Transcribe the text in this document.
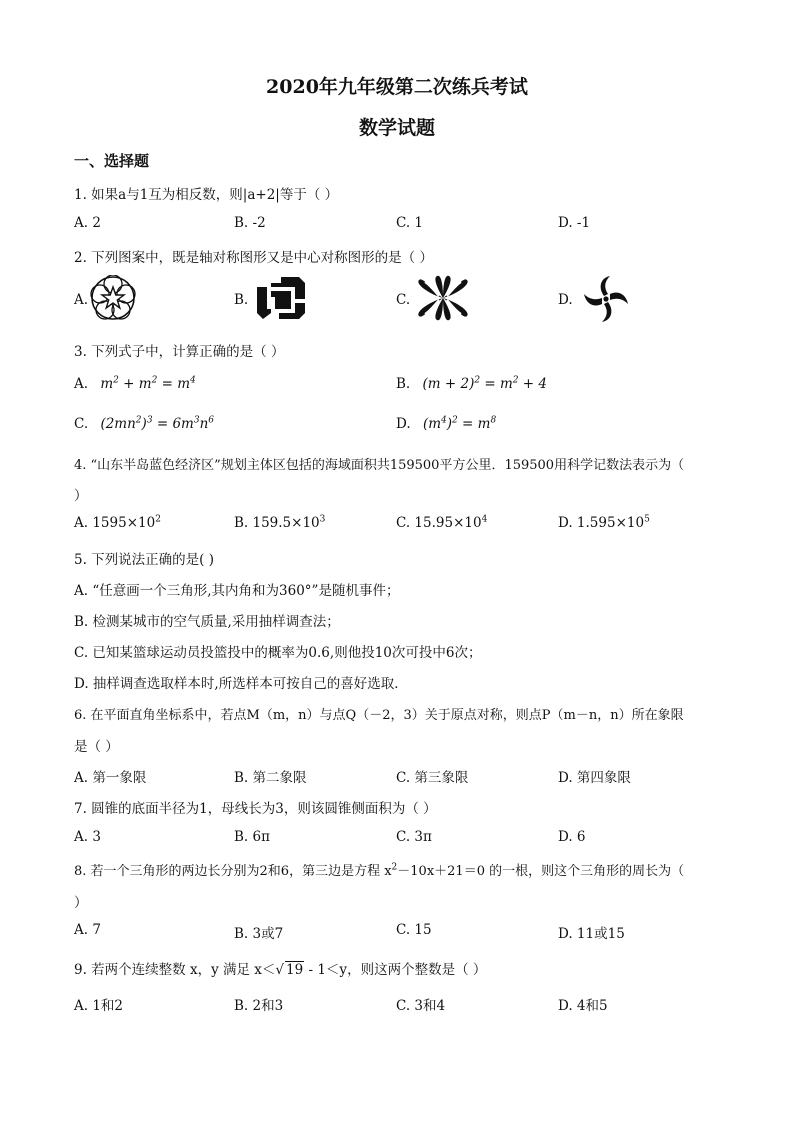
2020年九年级第二次练兵考试
数学试题
一、选择题
1. 如果a与1互为相反数，则|a+2|等于（ ）
A. 2	B. -2	C. 1	D. -1
2. 下列图案中，既是轴对称图形又是中心对称图形的是（ ）
A.	B.	C.	D.
3. 下列式子中，计算正确的是（ ）
A. $m^2 + m^2 = m^4$	B. $(m + 2)^2 = m^2 + 4$
C. $(2mn^2)^3 = 6m^3n^6$	D. $(m^4)^2 = m^8$
4. “山东半岛蓝色经济区”规划主体区包括的海域面积共159500平方公里．159500用科学记数法表示为（
）
A. $1595\times 10^2$	B. $159.5\times 10^3$	C. $15.95\times 10^4$	D. $1.595\times 10^5$
5. 下列说法正确的是( )
A. “任意画一个三角形,其内角和为360°”是随机事件；
B. 检测某城市的空气质量,采用抽样调查法；
C. 已知某篮球运动员投篮投中的概率为0.6,则他投10次可投中6次；
D. 抽样调查选取样本时,所选样本可按自己的喜好选取．
6. 在平面直角坐标系中，若点M（m，n）与点Q（－2，3）关于原点对称，则点P（m－n，n）所在象限
是（ ）
A. 第一象限	B. 第二象限	C. 第三象限	D. 第四象限
7. 圆锥的底面半径为1，母线长为3，则该圆锥侧面积为（ ）
A. 3	B. 6π	C. 3π	D. 6
8. 若一个三角形的两边长分别为2和6，第三边是方程 $x^2-10x+21=0$ 的一根，则这个三角形的周长为（
）
A. 7	B. 3或7	C. 15	D. 11或15
9. 若两个连续整数 x，y 满足 x＜√ 19 - 1＜y，则这两个整数是（ ）
A. 1和2	B. 2和3	C. 3和4	D. 4和5
